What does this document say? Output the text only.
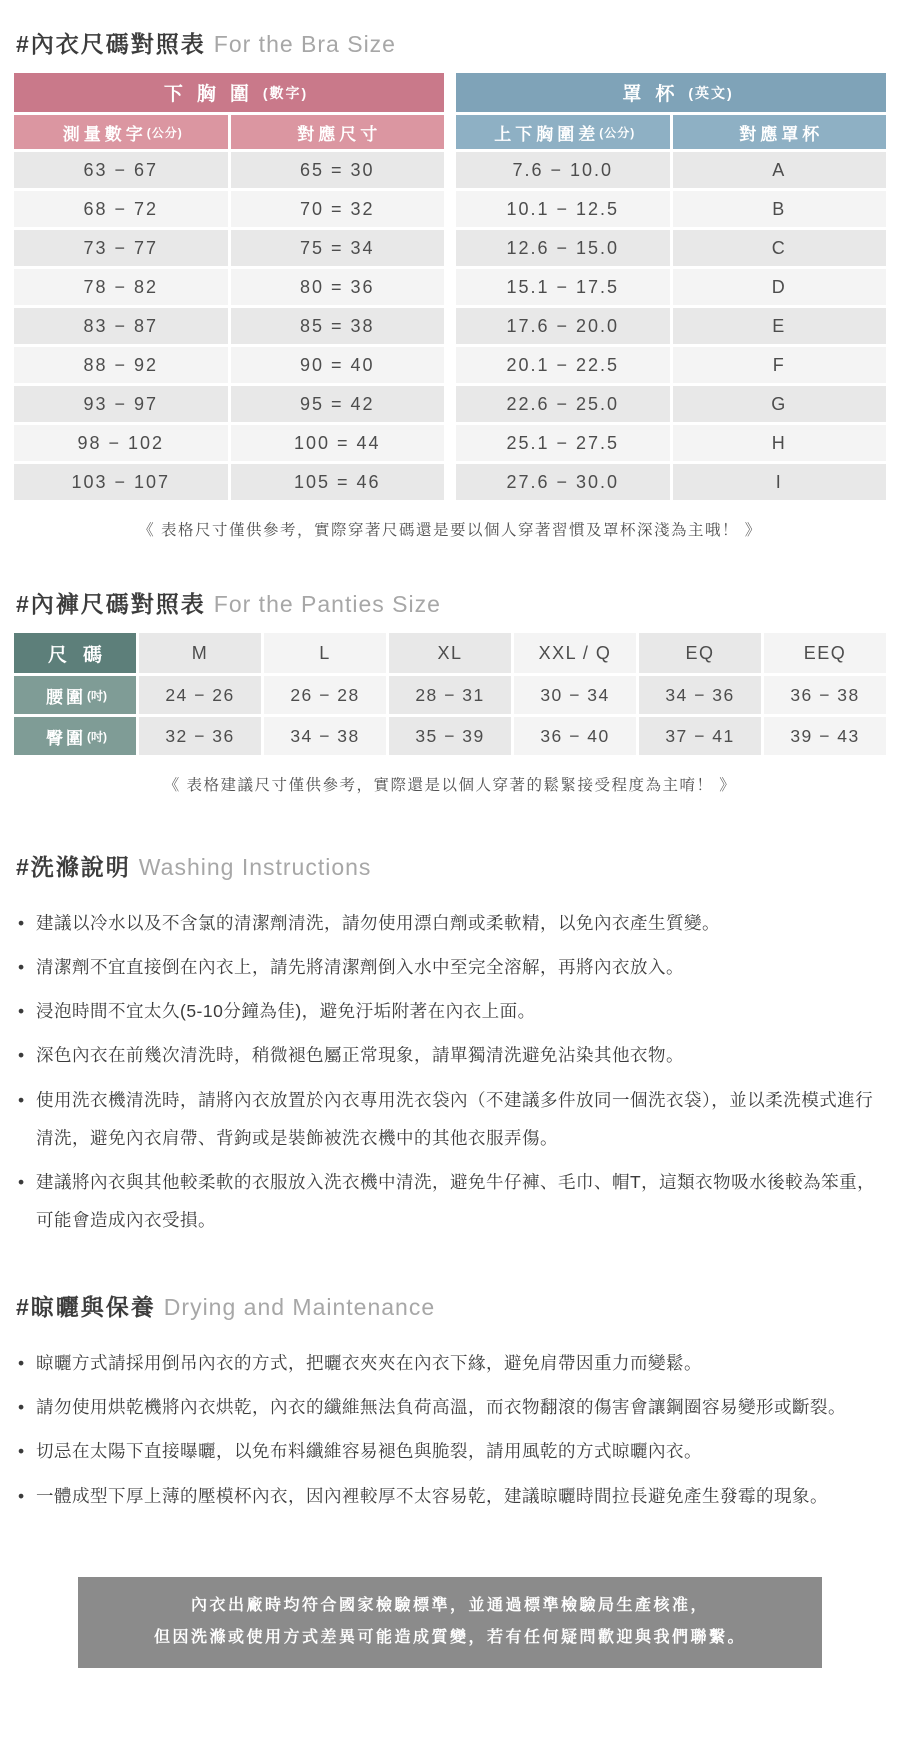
#內衣尺碼對照表 For the Bra Size
下胸圍 (數字)
測量數字 (公分)	對應尺寸
63 − 67	65 = 30
68 − 72	70 = 32
73 − 77	75 = 34
78 − 82	80 = 36
83 − 87	85 = 38
88 − 92	90 = 40
93 − 97	95 = 42
98 − 102	100 = 44
103 − 107	105 = 46
罩杯 (英文)
上下胸圍差 (公分)	對應罩杯
7.6 − 10.0	A
10.1 − 12.5	B
12.6 − 15.0	C
15.1 − 17.5	D
17.6 − 20.0	E
20.1 − 22.5	F
22.6 − 25.0	G
25.1 − 27.5	H
27.6 − 30.0	I

《 表格尺寸僅供參考，實際穿著尺碼還是要以個人穿著習慣及罩杯深淺為主哦！ 》

#內褲尺碼對照表 For the Panties Size
尺碼	M	L	XL	XXL / Q	EQ	EEQ
腰圍 (吋)	24 − 26	26 − 28	28 − 31	30 − 34	34 − 36	36 − 38
臀圍 (吋)	32 − 36	34 − 38	35 − 39	36 − 40	37 − 41	39 − 43

《 表格建議尺寸僅供參考，實際還是以個人穿著的鬆緊接受程度為主唷！ 》

#洗滌說明 Washing Instructions
• 建議以冷水以及不含氯的清潔劑清洗，請勿使用漂白劑或柔軟精，以免內衣產生質變。
• 清潔劑不宜直接倒在內衣上，請先將清潔劑倒入水中至完全溶解，再將內衣放入。
• 浸泡時間不宜太久(5-10分鐘為佳)，避免汙垢附著在內衣上面。
• 深色內衣在前幾次清洗時，稍微褪色屬正常現象，請單獨清洗避免沾染其他衣物。
• 使用洗衣機清洗時，請將內衣放置於內衣專用洗衣袋內（不建議多件放同一個洗衣袋），並以柔洗模式進行清洗，避免內衣肩帶、背鉤或是裝飾被洗衣機中的其他衣服弄傷。
• 建議將內衣與其他較柔軟的衣服放入洗衣機中清洗，避免牛仔褲、毛巾、帽T，這類衣物吸水後較為笨重，可能會造成內衣受損。
#晾曬與保養 Drying and Maintenance
• 晾曬方式請採用倒吊內衣的方式，把曬衣夾夾在內衣下緣，避免肩帶因重力而變鬆。
• 請勿使用烘乾機將內衣烘乾，內衣的纖維無法負荷高溫，而衣物翻滾的傷害會讓鋼圈容易變形或斷裂。
• 切忌在太陽下直接曝曬，以免布料纖維容易褪色與脆裂，請用風乾的方式晾曬內衣。
• 一體成型下厚上薄的壓模杯內衣，因內裡較厚不太容易乾，建議晾曬時間拉長避免產生發霉的現象。
內衣出廠時均符合國家檢驗標準，並通過標準檢驗局生產核准，
但因洗滌或使用方式差異可能造成質變，若有任何疑問歡迎與我們聯繫。
